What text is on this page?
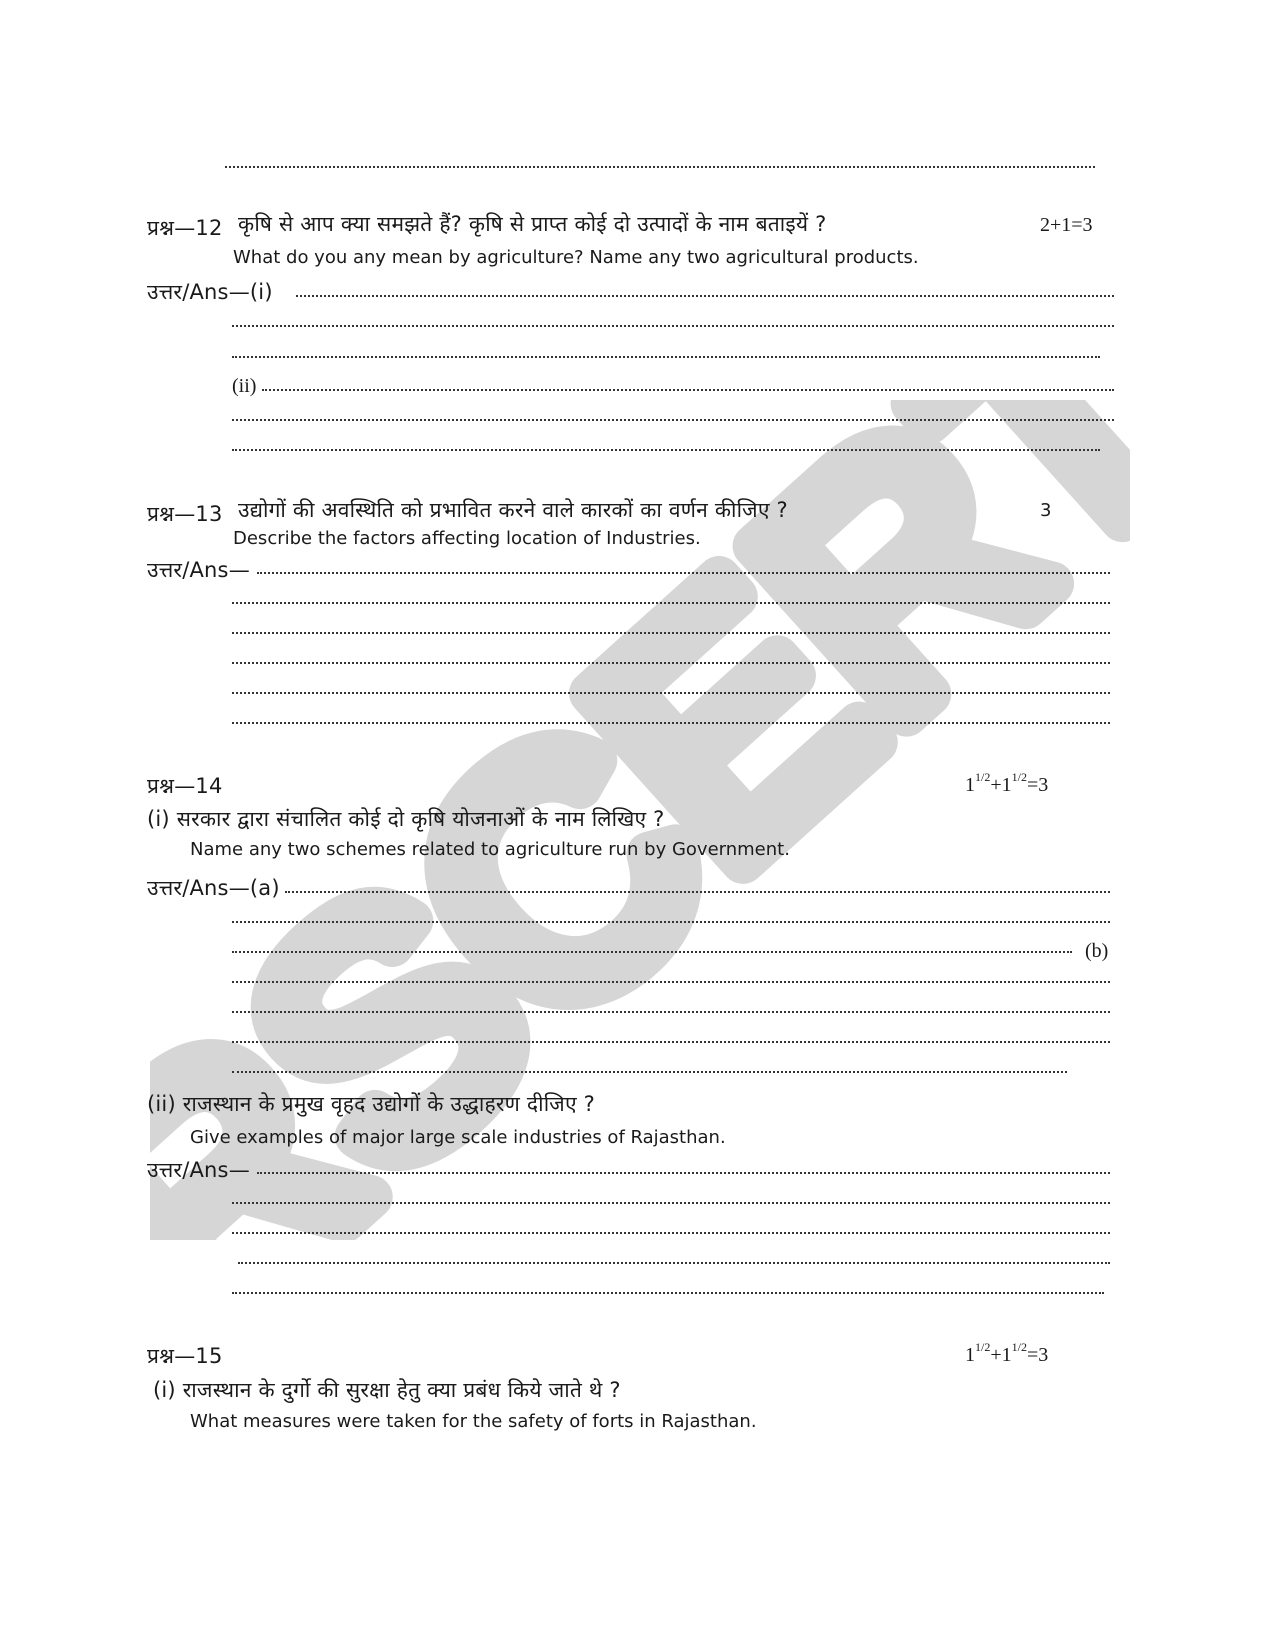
RSCERT
प्रश्न—12 कृषि से आप क्या समझते हैं? कृषि से प्राप्त कोई दो उत्पादों के नाम बताइयें ?	2+1=3
What do you any mean by agriculture? Name any two agricultural products.
उत्तर/Ans—(i)
(ii)
प्रश्न—13 उद्योगों की अवस्थिति को प्रभावित करने वाले कारकों का वर्णन कीजिए ?	3
Describe the factors affecting location of Industries.
उत्तर/Ans—
प्रश्न—14	$1^{1/2}+1^{1/2}=3$
(i) सरकार द्वारा संचालित कोई दो कृषि योजनाओं के नाम लिखिए ?
Name any two schemes related to agriculture run by Government.
उत्तर/Ans—(a)
(b)
(ii) राजस्थान के प्रमुख वृहद उद्योगों के उद्धाहरण दीजिए ?
Give examples of major large scale industries of Rajasthan.
उत्तर/Ans—
प्रश्न—15	$1^{1/2}+1^{1/2}=3$
(i) राजस्थान के दुर्गो की सुरक्षा हेतु क्या प्रबंध किये जाते थे ?
What measures were taken for the safety of forts in Rajasthan.
